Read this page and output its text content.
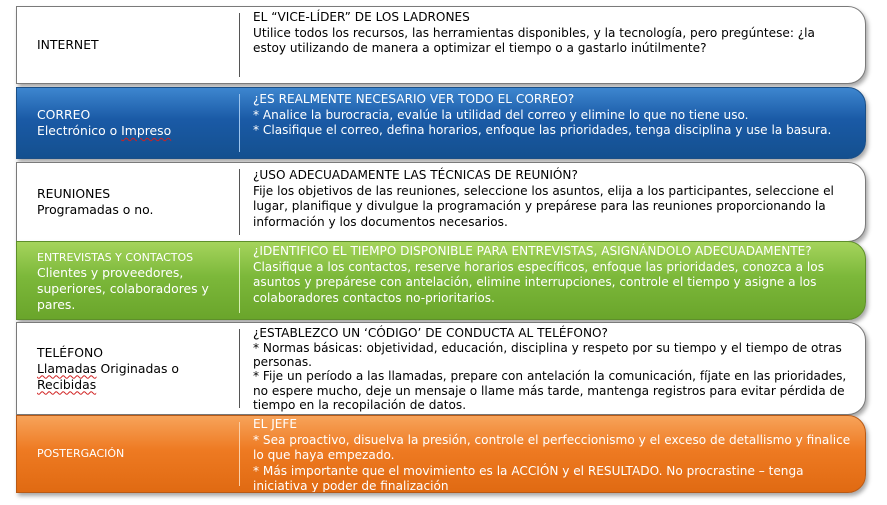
INTERNET
EL “VICE-LÍDER” DE LOS LADRONES
Utilice todos los recursos, las herramientas disponibles, y la tecnología, pero pregúntese: ¿la estoy utilizando de manera a optimizar el tiempo o a gastarlo inútilmente?
CORREO
Electrónico o Impreso
¿ES REALMENTE NECESARIO VER TODO EL CORREO?
* Analice la burocracia, evalúe la utilidad del correo y elimine lo que no tiene uso.
* Clasifique el correo, defina horarios, enfoque las prioridades, tenga disciplina y use la basura.
REUNIONES
Programadas o no.
¿USO ADECUADAMENTE LAS TÉCNICAS DE REUNIÓN?
Fije los objetivos de las reuniones, seleccione los asuntos, elija a los participantes, seleccione el lugar, planifique y divulgue la programación y prepárese para las reuniones proporcionando la información y los documentos necesarios.
ENTREVISTAS Y CONTACTOS
Clientes y proveedores, superiores, colaboradores y pares.
¿IDENTIFICO EL TIEMPO DISPONIBLE PARA ENTREVISTAS, ASIGNÁNDOLO ADECUADAMENTE?
Clasifique a los contactos, reserve horarios específicos, enfoque las prioridades, conozca a los asuntos y prepárese con antelación, elimine interrupciones, controle el tiempo y asigne a los colaboradores contactos no-prioritarios.
TELÉFONO
Llamadas Originadas o Recibidas
¿ESTABLEZCO UN ‘CÓDIGO’ DE CONDUCTA AL TELÉFONO?
* Normas básicas: objetividad, educación, disciplina y respeto por su tiempo y el tiempo de otras personas.
* Fije un período a las llamadas, prepare con antelación la comunicación, fíjate en las prioridades, no espere mucho, deje un mensaje o llame más tarde, mantenga registros para evitar pérdida de tiempo en la recopilación de datos.
POSTERGACIÓN
EL JEFE
* Sea proactivo, disuelva la presión, controle el perfeccionismo y el exceso de detallismo y finalice lo que haya empezado.
* Más importante que el movimiento es la ACCIÓN y el RESULTADO. No procrastine – tenga iniciativa y poder de finalización
